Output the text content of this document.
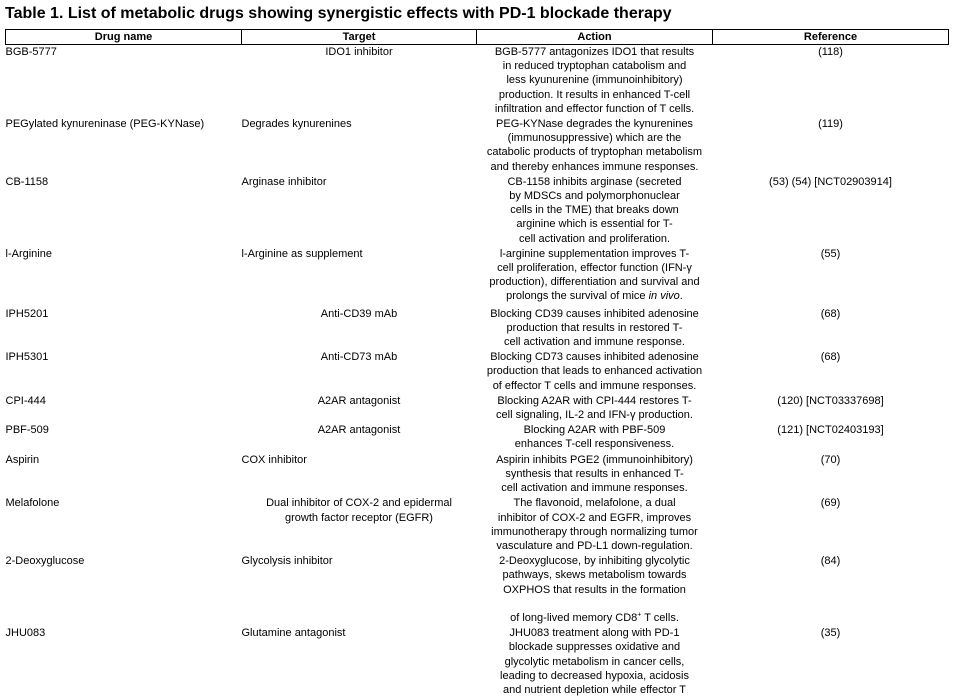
Table 1. List of metabolic drugs showing synergistic effects with PD-1 blockade therapy
Drug name	Target	Action	Reference
BGB-5777	IDO1 inhibitor	BGB-5777 antagonizes IDO1 that results
in reduced tryptophan catabolism and
less kyunurenine (immunoinhibitory)
production. It results in enhanced T-cell
infiltration and effector function of T cells.	(118)
PEGylated kynureninase (PEG-KYNase)	Degrades kynurenines	PEG-KYNase degrades the kynurenines
(immunosuppressive) which are the
catabolic products of tryptophan metabolism
and thereby enhances immune responses.	(119)
CB-1158	Arginase inhibitor	CB-1158 inhibits arginase (secreted
by MDSCs and polymorphonuclear
cells in the TME) that breaks down
arginine which is essential for T-
cell activation and proliferation.	(53) (54) [NCT02903914]
l-Arginine	l-Arginine as supplement	l-arginine supplementation improves T-
cell proliferation, effector function (IFN-γ
production), differentiation and survival and
prolongs the survival of mice in vivo.	(55)
IPH5201	Anti-CD39 mAb	Blocking CD39 causes inhibited adenosine
production that results in restored T-
cell activation and immune response.	(68)
IPH5301	Anti-CD73 mAb	Blocking CD73 causes inhibited adenosine
production that leads to enhanced activation
of effector T cells and immune responses.	(68)
CPI-444	A2AR antagonist	Blocking A2AR with CPI-444 restores T-
cell signaling, IL-2 and IFN-γ production.	(120) [NCT03337698]
PBF-509	A2AR antagonist	Blocking A2AR with PBF-509
enhances T-cell responsiveness.	(121) [NCT02403193]
Aspirin	COX inhibitor	Aspirin inhibits PGE2 (immunoinhibitory)
synthesis that results in enhanced T-
cell activation and immune responses.	(70)
Melafolone	Dual inhibitor of COX-2 and epidermal
growth factor receptor (EGFR)	The flavonoid, melafolone, a dual
inhibitor of COX-2 and EGFR, improves
immunotherapy through normalizing tumor
vasculature and PD-L1 down-regulation.	(69)
2-Deoxyglucose	Glycolysis inhibitor	2-Deoxyglucose, by inhibiting glycolytic
pathways, skews metabolism towards
OXPHOS that results in the formation

of long-lived memory CD8+ T cells.	(84)
JHU083	Glutamine antagonist	JHU083 treatment along with PD-1
blockade suppresses oxidative and
glycolytic metabolism in cancer cells,
leading to decreased hypoxia, acidosis
and nutrient depletion while effector T	(35)
